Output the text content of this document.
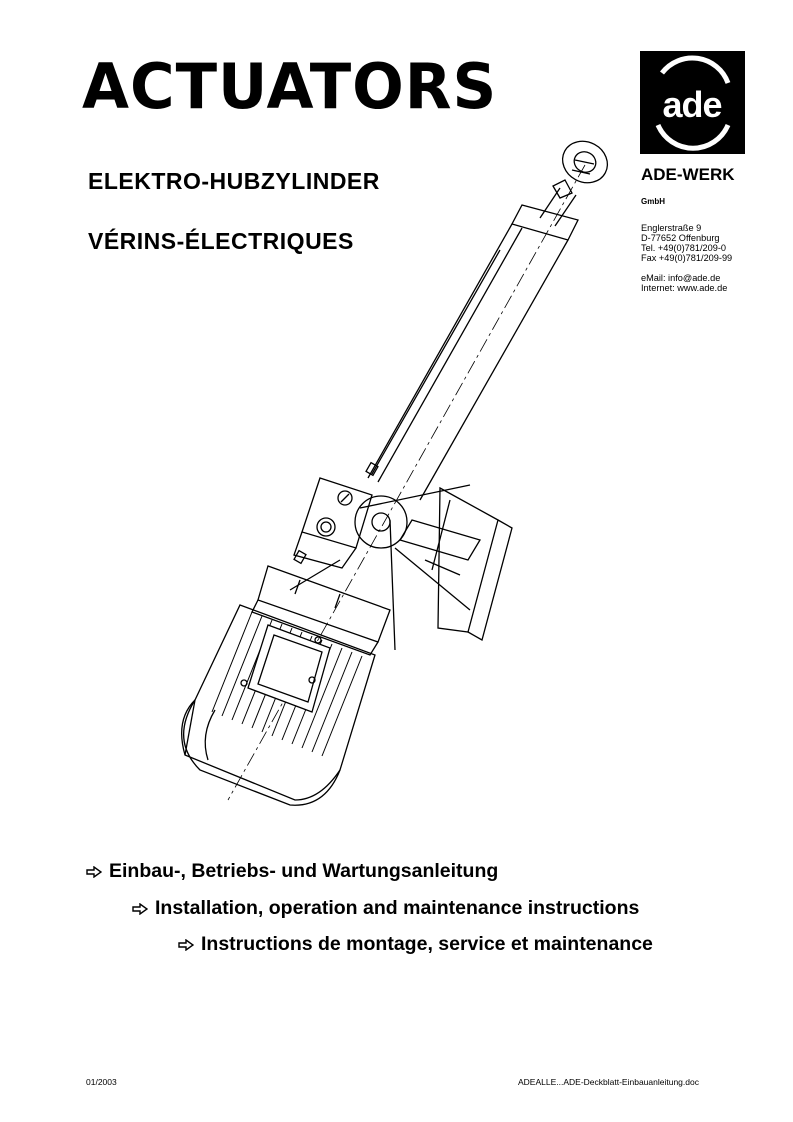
ACTUATORS
ELEKTRO-HUBZYLINDER
VÉRINS-ÉLECTRIQUES
ade
ADE-WERK
GmbH
Englerstraße 9
D-77652 Offenburg
Tel. +49(0)781/209-0
Fax +49(0)781/209-99
eMail: info@ade.de
Internet: www.ade.de
Einbau-, Betriebs- und Wartungsanleitung
Installation, operation and maintenance instructions
Instructions de montage, service et maintenance
01/2003	ADEALLE...ADE-Deckblatt-Einbauanleitung.doc
